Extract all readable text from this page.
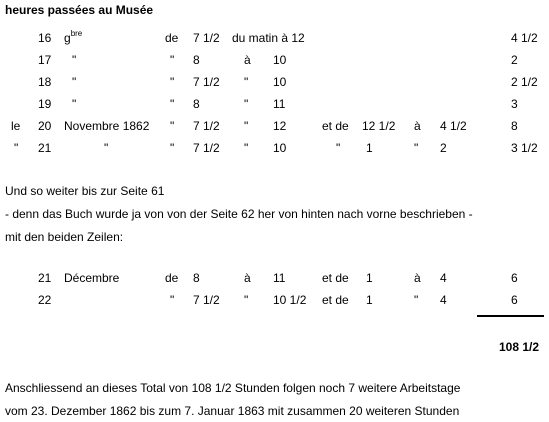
heures passées au Musée
16 $g^{bre}$	de 7 1/2 du matin à 12	4 1/2
17 "	" 8	à 10	2
18 "	" 7 1/2 " 10	2 1/2
19 "	" 8	" 11	3
le 20 Novembre 1862 " 7 1/2 " 12	et de 12 1/2 à 4 1/2	8
" 21	"	" 7 1/2 " 10	" 1	" 2	3 1/2
Und so weiter bis zur Seite 61
- denn das Buch wurde ja von von der Seite 62 her von hinten nach vorne beschrieben -
mit den beiden Zeilen:
21 Décembre	de 8	à 11	et de 1	à 4	6
22	" 7 1/2 " 10 1/2 et de 1	" 4	6
108 1/2
Anschliessend an dieses Total von 108 1/2 Stunden folgen noch 7 weitere Arbeitstage
vom 23. Dezember 1862 bis zum 7. Januar 1863 mit zusammen 20 weiteren Stunden
